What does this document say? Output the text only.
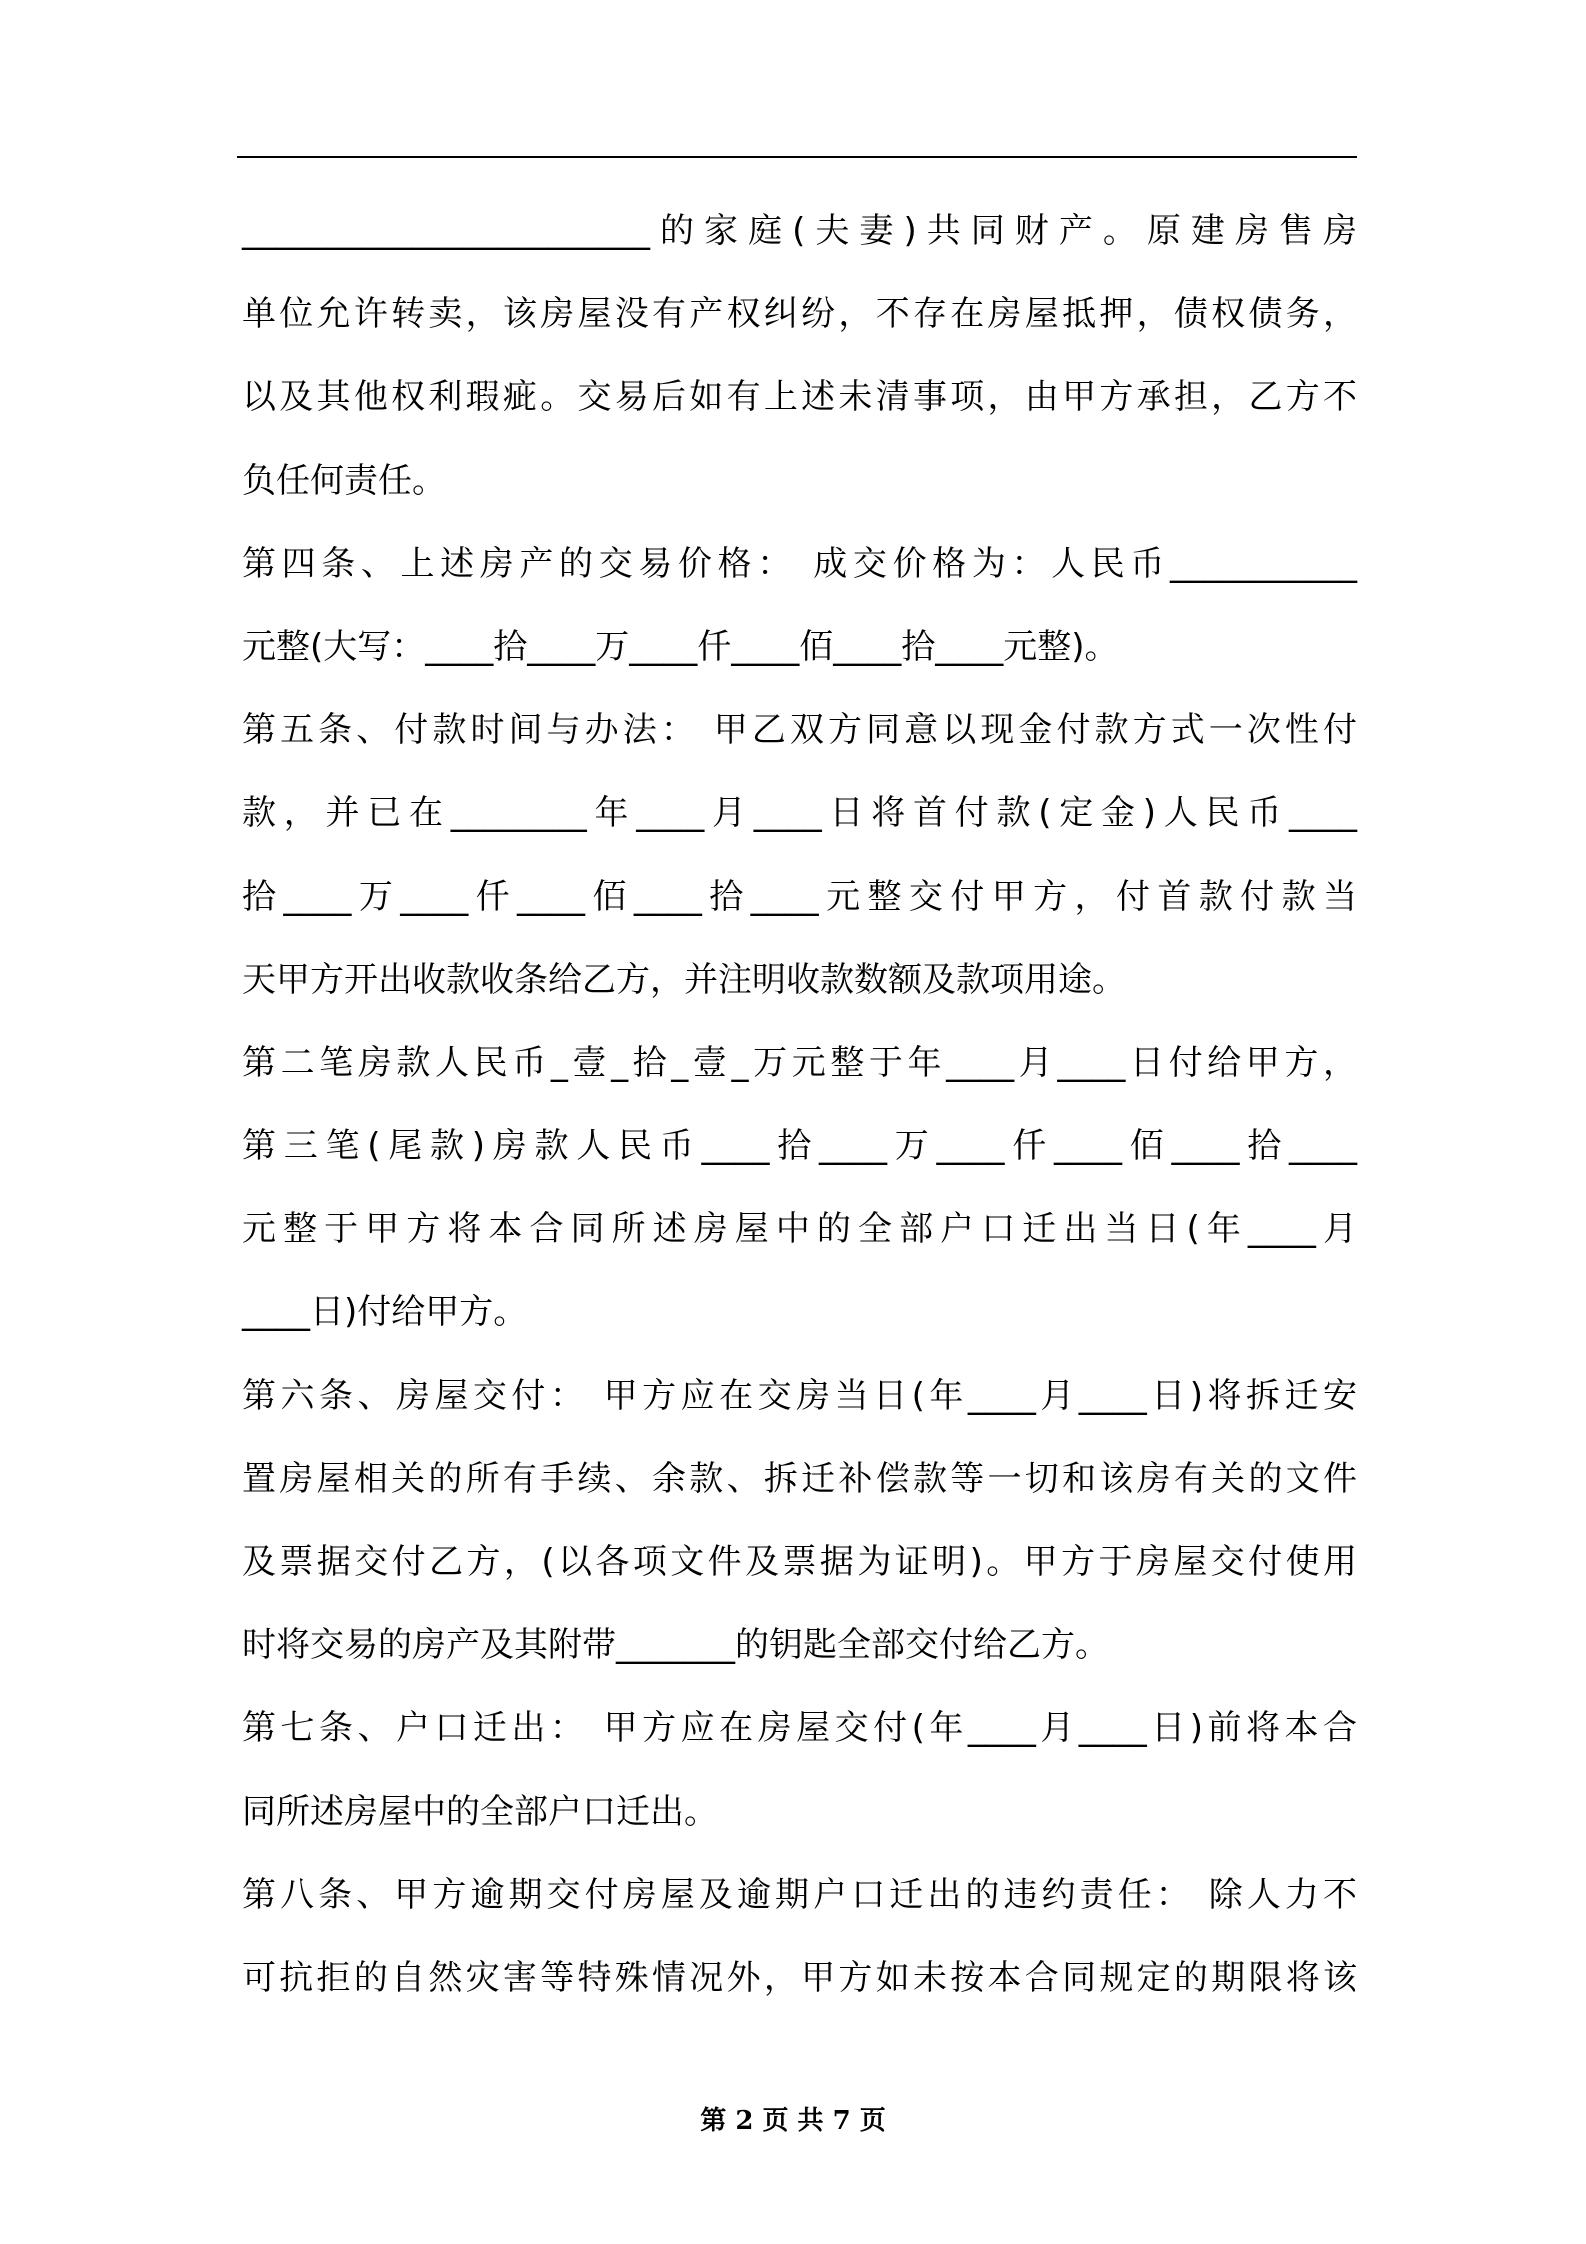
________________________的家庭(夫妻)共同财产。原建房售房
单位允许转卖，该房屋没有产权纠纷，不存在房屋抵押，债权债务，
以及其他权利瑕疵。交易后如有上述未清事项，由甲方承担，乙方不
负任何责任。
第四条、上述房产的交易价格： 成交价格为：人民币___________
元整(大写：____拾____万____仟____佰____拾____元整)。
第五条、付款时间与办法： 甲乙双方同意以现金付款方式一次性付
款，并已在________年____月____日将首付款(定金)人民币____
拾____万____仟____佰____拾____元整交付甲方，付首款付款当
天甲方开出收款收条给乙方，并注明收款数额及款项用途。
第二笔房款人民币_壹_拾_壹_万元整于年____月____日付给甲方，
第三笔(尾款)房款人民币____拾____万____仟____佰____拾____
元整于甲方将本合同所述房屋中的全部户口迁出当日(年____月
____日)付给甲方。
第六条、房屋交付： 甲方应在交房当日(年____月____日)将拆迁安
置房屋相关的所有手续、余款、拆迁补偿款等一切和该房有关的文件
及票据交付乙方，(以各项文件及票据为证明)。甲方于房屋交付使用
时将交易的房产及其附带_______的钥匙全部交付给乙方。
第七条、户口迁出： 甲方应在房屋交付(年____月____日)前将本合
同所述房屋中的全部户口迁出。
第八条、甲方逾期交付房屋及逾期户口迁出的违约责任： 除人力不
可抗拒的自然灾害等特殊情况外，甲方如未按本合同规定的期限将该
第 2 页 共 7 页
